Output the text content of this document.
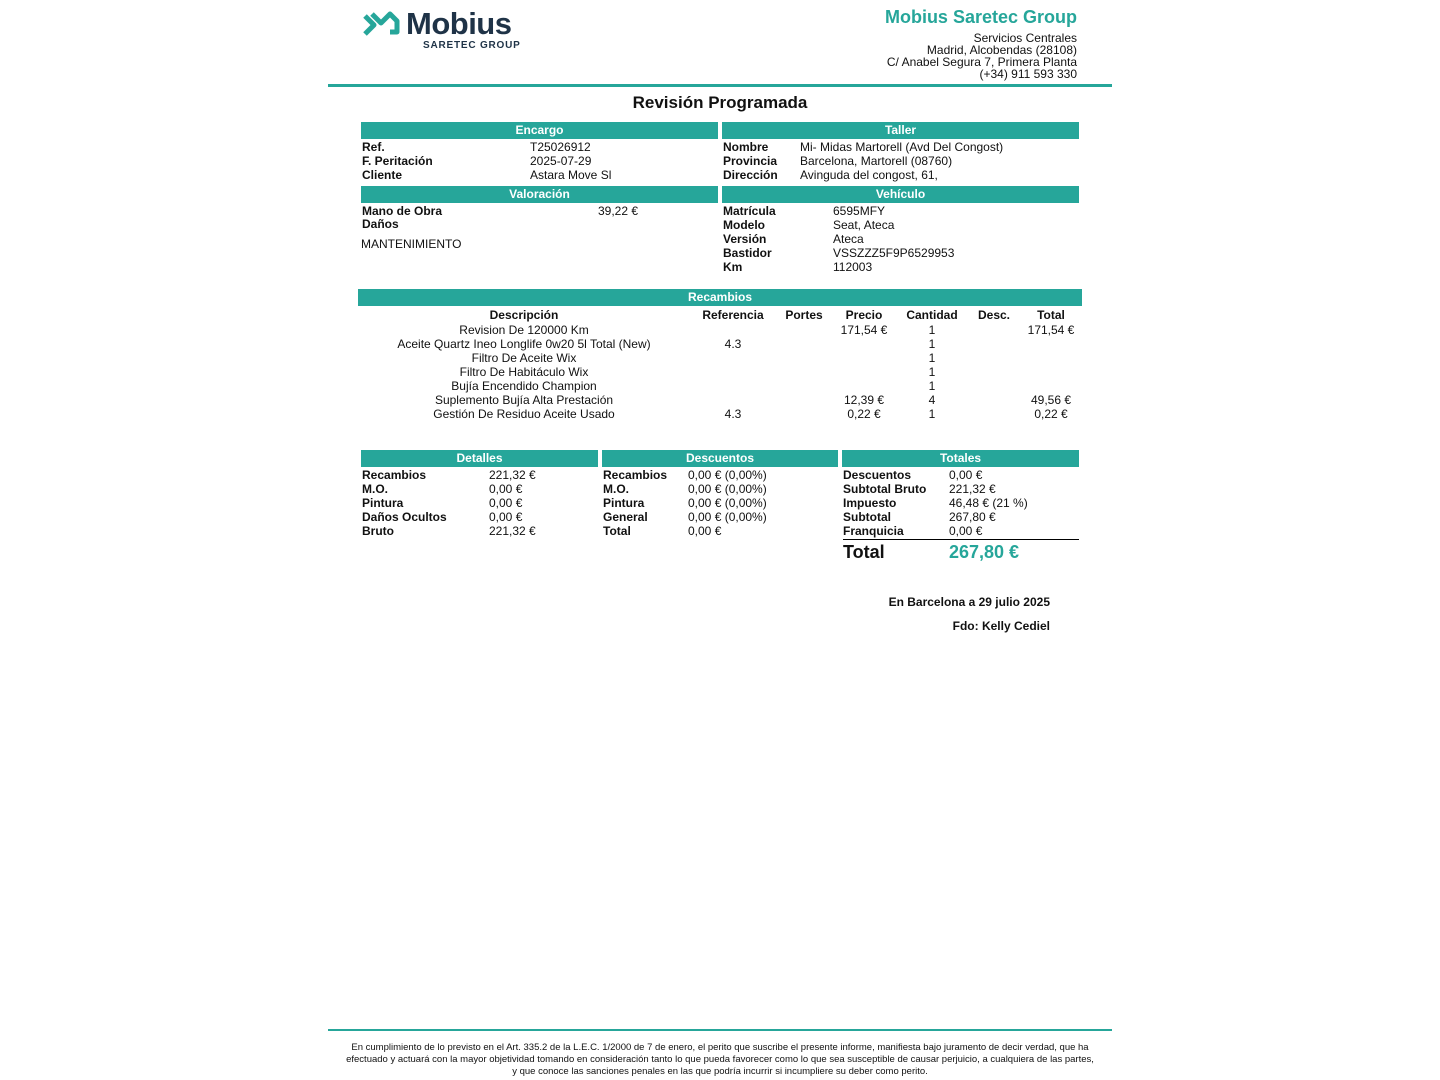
Mobius
SARETEC GROUP
Mobius Saretec Group
Servicios Centrales
Madrid, Alcobendas (28108)
C/ Anabel Segura 7, Primera Planta
(+34) 911 593 330
Revisión Programada
Encargo
Ref.	T25026912
F. Peritación	2025-07-29
Cliente	Astara Move Sl
Taller
Nombre	Mi- Midas Martorell (Avd Del Congost)
Provincia Barcelona, Martorell (08760)
Dirección Avinguda del congost, 61,
Valoración
Mano de Obra	39,22 €
Daños
MANTENIMIENTO
Vehículo
Matrícula	6595MFY
Modelo	Seat, Ateca
Versión	Ateca
Bastidor	VSSZZZ5F9P6529953
Km	112003
Recambios
Descripción	Referencia	Portes	Precio	Cantidad	Desc.	Total
Revision De 120000 Km			171,54 €	1		171,54 €
Aceite Quartz Ineo Longlife 0w20 5l Total (New)	4.3			1		
Filtro De Aceite Wix				1		
Filtro De Habitáculo Wix				1		
Bujía Encendido Champion				1		
Suplemento Bujía Alta Prestación			12,39 €	4		49,56 €
Gestión De Residuo Aceite Usado	4.3		0,22 €	1		0,22 €
Detalles
Recambios	221,32 €
M.O.	0,00 €
Pintura	0,00 €
Daños Ocultos	0,00 €
Bruto	221,32 €
Descuentos
Recambios 0,00 € (0,00%)
M.O.	0,00 € (0,00%)
Pintura	0,00 € (0,00%)
General	0,00 € (0,00%)
Total	0,00 €
Totales
Descuentos	0,00 €
Subtotal Bruto 221,32 €
Impuesto	46,48 € (21 %)
Subtotal	267,80 €
Franquicia	0,00 €
Total	267,80 €
En Barcelona a 29 julio 2025
Fdo: Kelly Cediel
En cumplimiento de lo previsto en el Art. 335.2 de la L.E.C. 1/2000 de 7 de enero, el perito que suscribe el presente informe, manifiesta bajo juramento de decir verdad, que ha
efectuado y actuará con la mayor objetividad tomando en consideración tanto lo que pueda favorecer como lo que sea susceptible de causar perjuicio, a cualquiera de las partes,
y que conoce las sanciones penales en las que podría incurrir si incumpliere su deber como perito.
